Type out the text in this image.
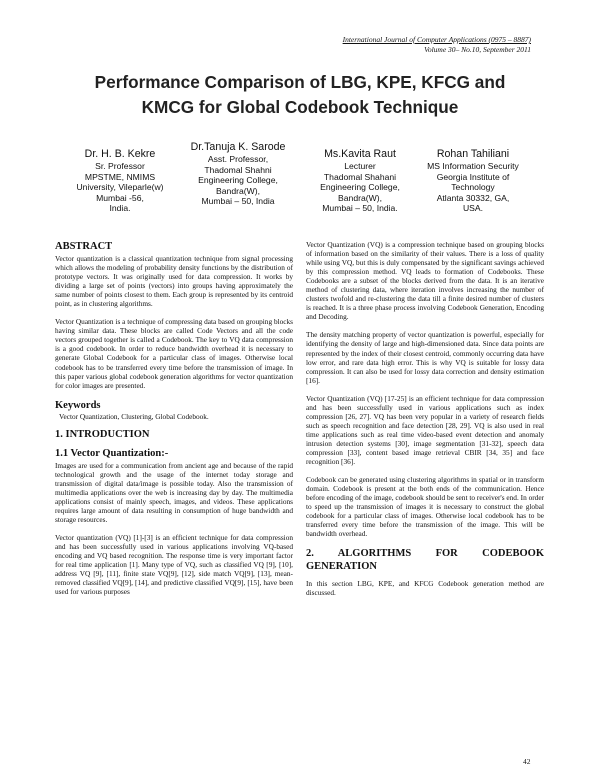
International Journal of Computer Applications (0975 – 8887)
Volume 30– No.10, September 2011
Performance Comparison of LBG, KPE, KFCG and
KMCG for Global Codebook Technique
Dr. H. B. Kekre
Sr. Professor
MPSTME, NMIMS
University, Vileparle(w)
Mumbai -56,
India.
Dr.Tanuja K. Sarode
Asst. Professor,
Thadomal Shahni
Engineering College,
Bandra(W),
Mumbai – 50, India
Ms.Kavita Raut
Lecturer
Thadomal Shahani
Engineering College,
Bandra(W),
Mumbai – 50, India.
Rohan Tahiliani
MS Information Security
Georgia Institute of
Technology
Atlanta 30332, GA,
USA.
ABSTRACT

Vector quantization is a classical quantization technique from signal processing which allows the modeling of probability density functions by the distribution of prototype vectors. It was originally used for data compression. It works by dividing a large set of points (vectors) into groups having approximately the same number of points closest to them. Each group is represented by its centroid point, as in clustering algorithms.

Vector Quantization is a technique of compressing data based on grouping blocks having similar data. These blocks are called Code Vectors and all the code vectors grouped together is called a Codebook. The key to VQ data compression is a good codebook. In order to reduce bandwidth overhead it is necessary to generate Global Codebook for a particular class of images. Otherwise local codebook has to be transferred every time before the transmission of image. In this paper various global codebook generation algorithms for vector quantization for color images are presented.

Keywords
Vector Quantization, Clustering, Global Codebook.
1. INTRODUCTION
1.1 Vector Quantization:-

Images are used for a communication from ancient age and because of the rapid technological growth and the usage of the internet today storage and transmission of digital data/image is possible today. Also the transmission of multimedia applications over the web is increasing day by day. The multimedia applications consist of mainly speech, images, and videos. These applications requires large amount of data resulting in consumption of huge bandwidth and storage resources.

Vector quantization (VQ) [1]-[3] is an efficient technique for data compression and has been successfully used in various applications involving VQ-based encoding and VQ based recognition. The response time is very important factor for real time application [1]. Many type of VQ, such as classified VQ [9], [10], address VQ [9], [11], finite state VQ[9], [12], side match VQ[9], [13], mean-removed classified VQ[9], [14], and predictive classified VQ[9], [15], have been used for various purposes

Vector Quantization (VQ) is a compression technique based on grouping blocks of information based on the similarity of their values. There is a loss of quality while using VQ, but this is duly compensated by the significant savings achieved by this compression method. VQ leads to formation of Codebooks. These Codebooks are a subset of the blocks derived from the data. It is an iterative method of clustering data, where iteration involves increasing the number of clusters twofold and re-clustering the data till a finite desired number of clusters is reached. It is a three phase process involving Codebook Generation, Encoding and Decoding.

The density matching property of vector quantization is powerful, especially for identifying the density of large and high-dimensioned data. Since data points are represented by the index of their closest centroid, commonly occurring data have low error, and rare data high error. This is why VQ is suitable for lossy data compression. It can also be used for lossy data correction and density estimation [16].

Vector Quantization (VQ) [17-25] is an efficient technique for data compression and has been successfully used in various applications such as index compression [26, 27]. VQ has been very popular in a variety of research fields such as speech recognition and face detection [28, 29]. VQ is also used in real time applications such as real time video-based event detection and anomaly intrusion detection systems [30], image segmentation [31-32], speech data compression [33], content based image retrieval CBIR [34, 35] and face recognition [36].

Codebook can be generated using clustering algorithms in spatial or in transform domain. Codebook is present at the both ends of the communication. Hence before encoding of the image, codebook should be sent to receiver's end. In order to speed up the transmission of images it is necessary to construct the global codebook for a particular class of images. Otherwise local codebook has to be transferred every time before the transmission of the image. This will be bandwidth overhead.

2. ALGORITHMS FOR CODEBOOK GENERATION

In this section LBG, KPE, and KFCG Codebook generation method are discussed.

42
